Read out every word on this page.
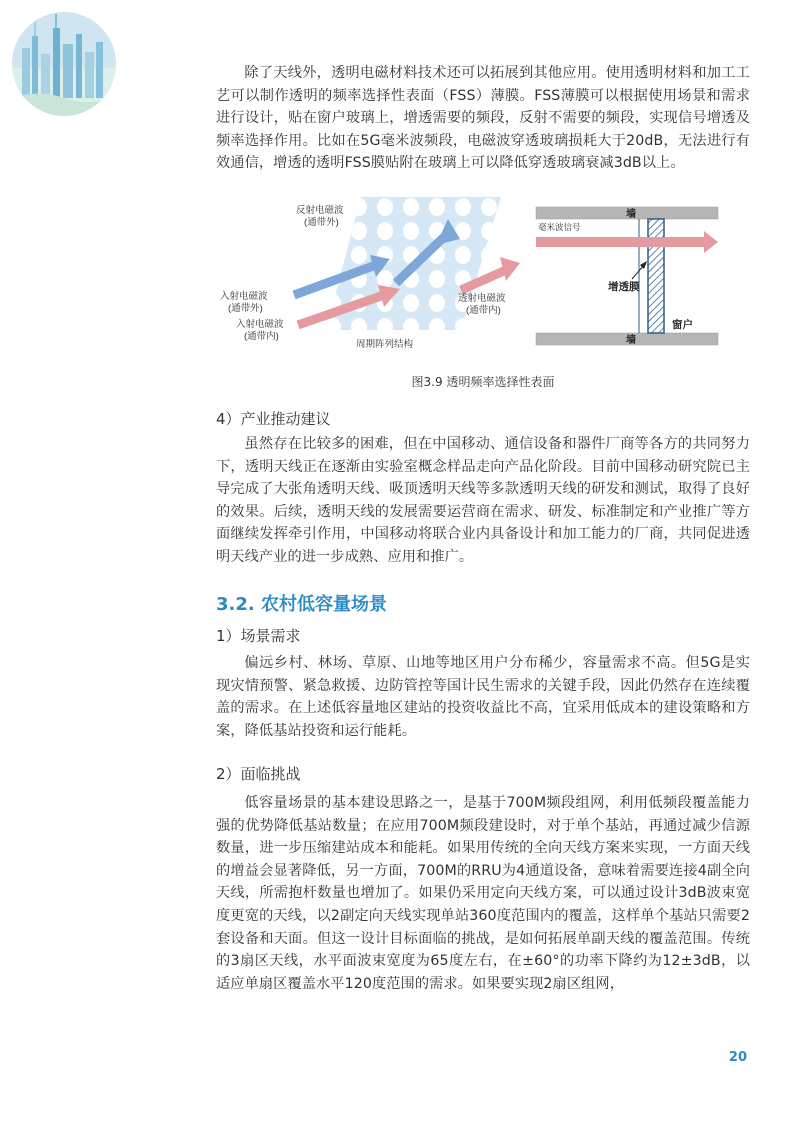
除了天线外，透明电磁材料技术还可以拓展到其他应用。使用透明材料和加工工艺可以制作透明的频率选择性表面（FSS）薄膜。FSS薄膜可以根据使用场景和需求进行设计，贴在窗户玻璃上，增透需要的频段，反射不需要的频段，实现信号增透及频率选择作用。比如在5G毫米波频段，电磁波穿透玻璃损耗大于20dB，无法进行有效通信，增透的透明FSS膜贴附在玻璃上可以降低穿透玻璃衰减3dB以上。

反射电磁波
(通带外)
入射电磁波
(通带外)
入射电磁波
(通带内)
透射电磁波
(通带内)
周期阵列结构
墙
墙
毫米波信号
增透膜
窗户
图3.9 透明频率选择性表面

4）产业推动建议

虽然存在比较多的困难，但在中国移动、通信设备和器件厂商等各方的共同努力下，透明天线正在逐渐由实验室概念样品走向产品化阶段。目前中国移动研究院已主导完成了大张角透明天线、吸顶透明天线等多款透明天线的研发和测试，取得了良好的效果。后续，透明天线的发展需要运营商在需求、研发、标准制定和产业推广等方面继续发挥牵引作用，中国移动将联合业内具备设计和加工能力的厂商，共同促进透明天线产业的进一步成熟、应用和推广。

3.2. 农村低容量场景

1）场景需求

偏远乡村、林场、草原、山地等地区用户分布稀少，容量需求不高。但5G是实现灾情预警、紧急救援、边防管控等国计民生需求的关键手段，因此仍然存在连续覆盖的需求。在上述低容量地区建站的投资收益比不高，宜采用低成本的建设策略和方案，降低基站投资和运行能耗。

2）面临挑战

低容量场景的基本建设思路之一，是基于700M频段组网，利用低频段覆盖能力强的优势降低基站数量；在应用700M频段建设时，对于单个基站，再通过减少信源数量，进一步压缩建站成本和能耗。如果用传统的全向天线方案来实现，一方面天线的增益会显著降低，另一方面，700M的RRU为4通道设备，意味着需要连接4副全向天线，所需抱杆数量也增加了。如果仍采用定向天线方案，可以通过设计3dB波束宽度更宽的天线，以2副定向天线实现单站360度范围内的覆盖，这样单个基站只需要2套设备和天面。但这一设计目标面临的挑战，是如何拓展单副天线的覆盖范围。传统的3扇区天线，水平面波束宽度为65度左右，在±60°的功率下降约为12±3dB，以适应单扇区覆盖水平120度范围的需求。如果要实现2扇区组网，

20
